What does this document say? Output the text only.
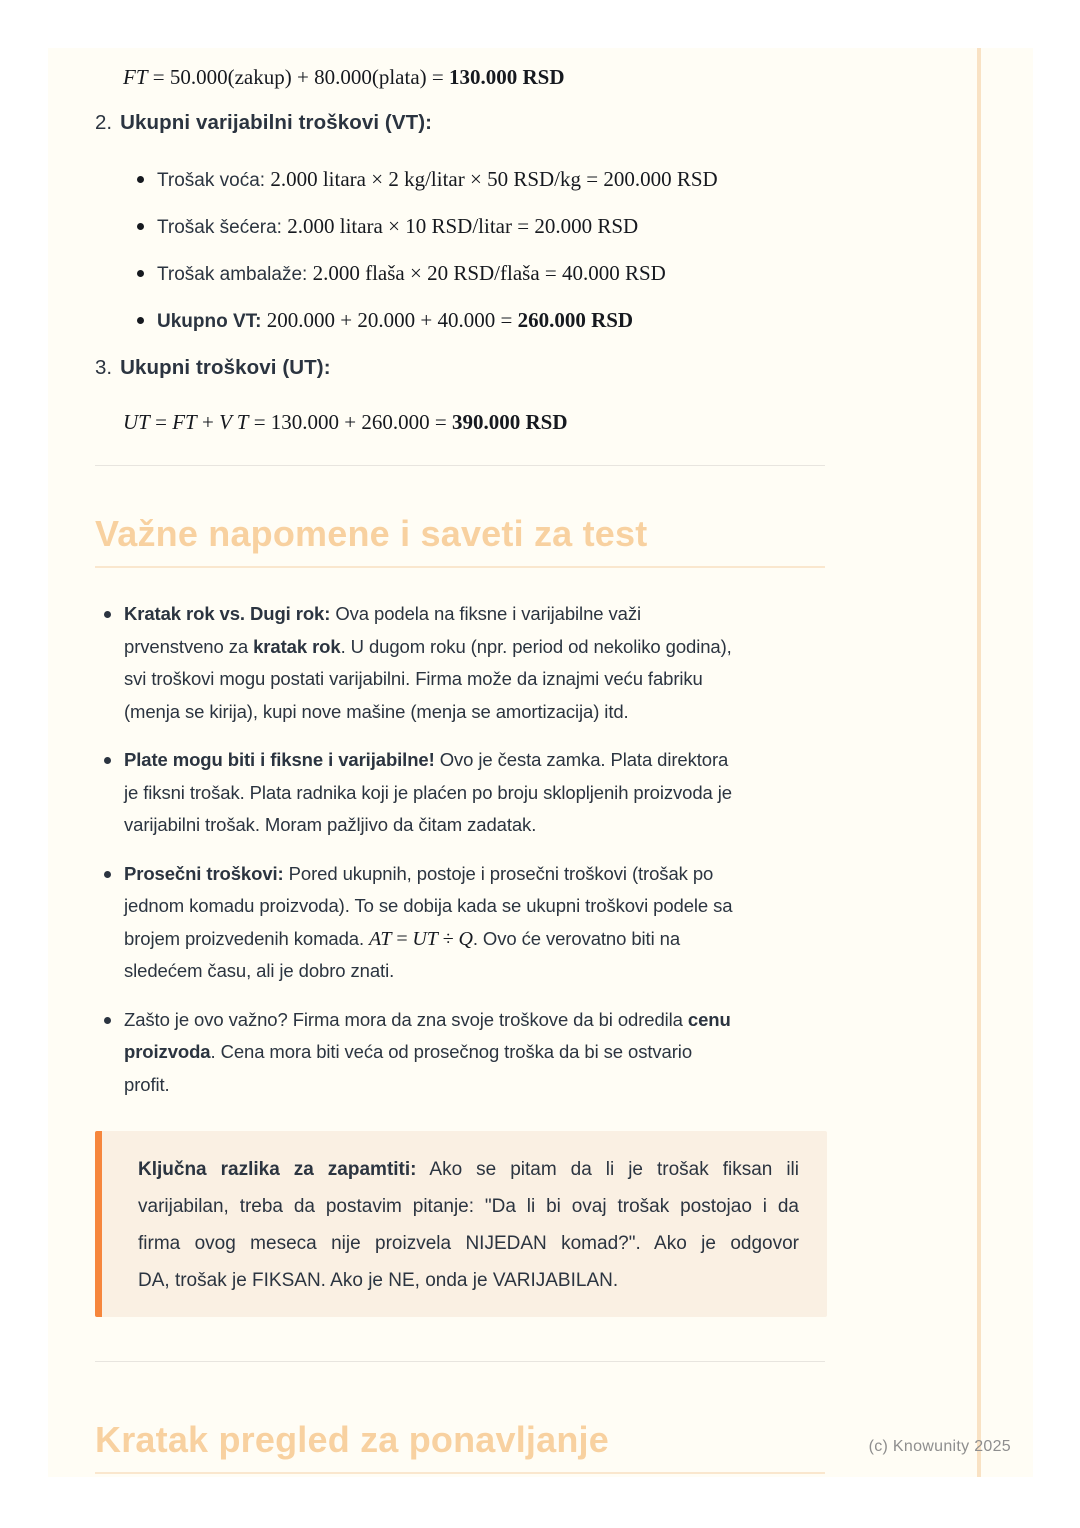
FT = 50.000(zakup) + 80.000(plata) = 130.000 RSD
2. Ukupni varijabilni troškovi (VT):
Trošak voća: 2.000 litara × 2 kg/litar × 50 RSD/kg = 200.000 RSD
Trošak šećera: 2.000 litara × 10 RSD/litar = 20.000 RSD
Trošak ambalaže: 2.000 flaša × 20 RSD/flaša = 40.000 RSD
Ukupno VT: 200.000 + 20.000 + 40.000 = 260.000 RSD
3. Ukupni troškovi (UT):
UT = FT + V T = 130.000 + 260.000 = 390.000 RSD
Važne napomene i saveti za test
Kratak rok vs. Dugi rok: Ova podela na fiksne i varijabilne važi
prvenstveno za kratak rok. U dugom roku (npr. period od nekoliko godina),
svi troškovi mogu postati varijabilni. Firma može da iznajmi veću fabriku
(menja se kirija), kupi nove mašine (menja se amortizacija) itd.
Plate mogu biti i fiksne i varijabilne! Ovo je česta zamka. Plata direktora
je fiksni trošak. Plata radnika koji je plaćen po broju sklopljenih proizvoda je
varijabilni trošak. Moram pažljivo da čitam zadatak.
Prosečni troškovi: Pored ukupnih, postoje i prosečni troškovi (trošak po
jednom komadu proizvoda). To se dobija kada se ukupni troškovi podele sa
brojem proizvedenih komada. AT = UT ÷ Q. Ovo će verovatno biti na
sledećem času, ali je dobro znati.
Zašto je ovo važno? Firma mora da zna svoje troškove da bi odredila cenu
proizvoda. Cena mora biti veća od prosečnog troška da bi se ostvario
profit.
Ključna razlika za zapamtiti: Ako se pitam da li je trošak fiksan ili
varijabilan, treba da postavim pitanje: "Da li bi ovaj trošak postojao i da
firma ovog meseca nije proizvela NIJEDAN komad?". Ako je odgovor
DA, trošak je FIKSAN. Ako je NE, onda je VARIJABILAN.
Kratak pregled za ponavljanje	(c) Knowunity 2025
